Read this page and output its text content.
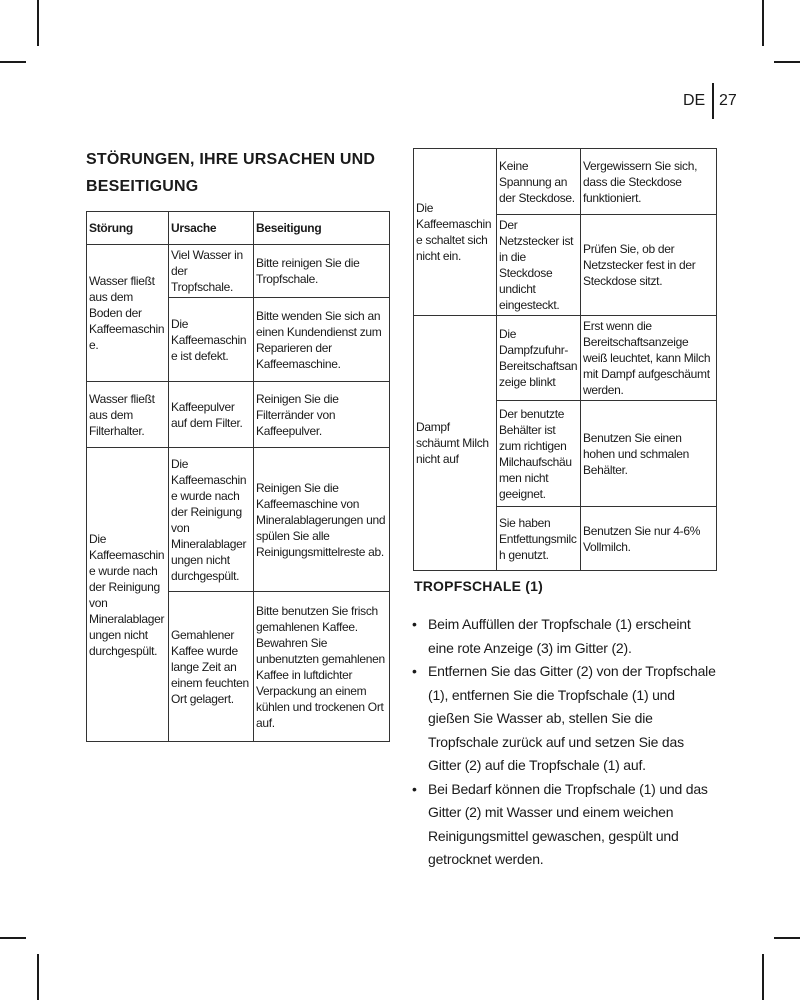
DE 27
STÖRUNGEN, IHRE URSACHEN UND BESEITIGUNG
Störung	Ursache	Beseitigung
Wasser fließt aus dem Boden der Kaffeemaschine.	Viel Wasser in der Tropfschale.	Bitte reinigen Sie die Tropfschale.
	Die Kaffeemaschine ist defekt.	Bitte wenden Sie sich an einen Kundendienst zum Reparieren der Kaffeemaschine.
Wasser fließt aus dem Filterhalter.	Kaffeepulver auf dem Filter.	Reinigen Sie die Filterränder von Kaffeepulver.
Die Kaffeemaschine wurde nach der Reinigung von Mineralablagerungen nicht durchgespült.	Die Kaffeemaschine wurde nach der Reinigung von Mineralablagerungen nicht durchgespült.	Reinigen Sie die Kaffeemaschine von Mineralablagerungen und spülen Sie alle Reinigungsmittelreste ab.
	Gemahlener Kaffee wurde lange Zeit an einem feuchten Ort gelagert.	Bitte benutzen Sie frisch gemahlenen Kaffee. Bewahren Sie unbenutzten gemahlenen Kaffee in luftdichter Verpackung an einem kühlen und trockenen Ort auf.
Die Kaffeemaschine schaltet sich nicht ein.	Keine Spannung an der Steckdose.	Vergewissern Sie sich, dass die Steckdose funktioniert.
	Der Netzstecker ist in die Steckdose undicht eingesteckt.	Prüfen Sie, ob der Netzstecker fest in der Steckdose sitzt.
Dampf schäumt Milch nicht auf	Die Dampfzufuhr-Bereitschaftsanzeige blinkt	Erst wenn die Bereitschaftsanzeige weiß leuchtet, kann Milch mit Dampf aufgeschäumt werden.
	Der benutzte Behälter ist zum richtigen Milchaufschäumen nicht geeignet.	Benutzen Sie einen hohen und schmalen Behälter.
	Sie haben Entfettungsmilch genutzt.	Benutzen Sie nur 4-6% Vollmilch.
TROPFSCHALE (1)
• Beim Auffüllen der Tropfschale (1) erscheint eine rote Anzeige (3) im Gitter (2).
• Entfernen Sie das Gitter (2) von der Tropfschale (1), entfernen Sie die Tropfschale (1) und gießen Sie Wasser ab, stellen Sie die Tropfschale zurück auf und setzen Sie das Gitter (2) auf die Tropfschale (1) auf.
• Bei Bedarf können die Tropfschale (1) und das Gitter (2) mit Wasser und einem weichen Reinigungsmittel gewaschen, gespült und getrocknet werden.
